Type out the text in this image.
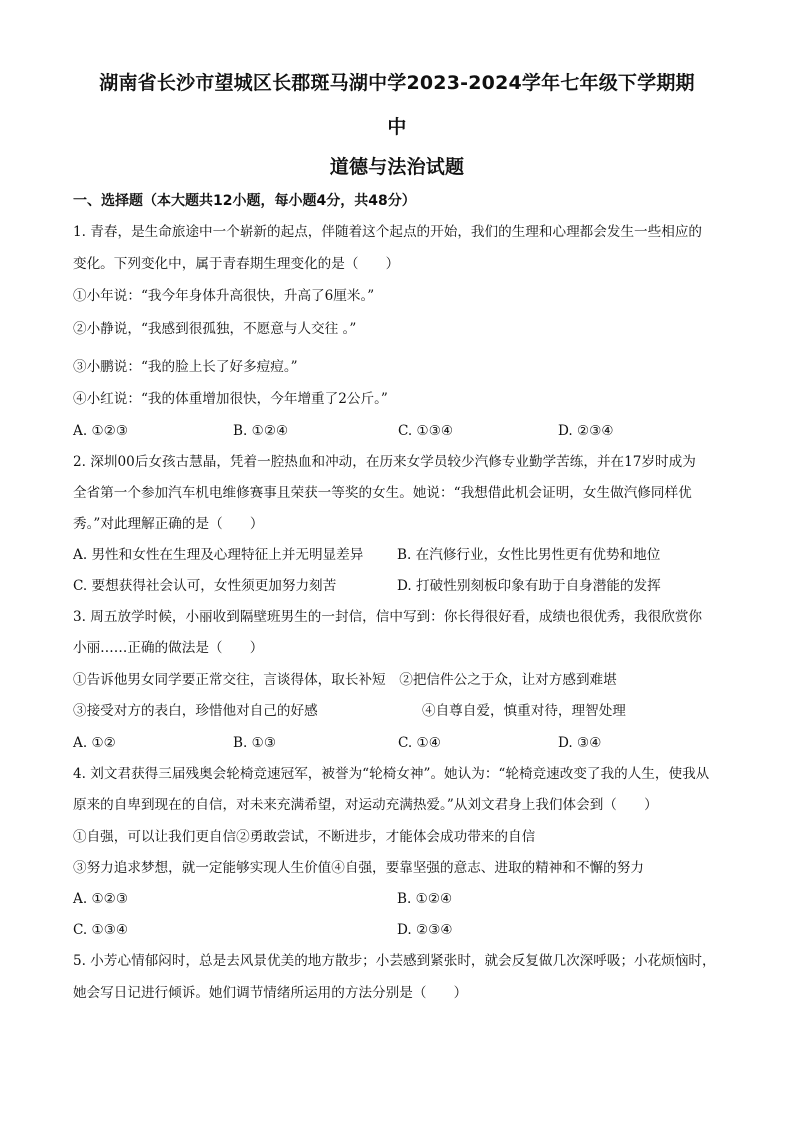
湖南省长沙市望城区长郡斑马湖中学2023-2024学年七年级下学期期
中
道德与法治试题
一、选择题（本大题共12小题，每小题4分，共48分）
1. 青春，是生命旅途中一个崭新的起点，伴随着这个起点的开始，我们的生理和心理都会发生一些相应的
变化。下列变化中，属于青春期生理变化的是（　　）
①小年说：“我今年身体升高很快，升高了6厘米。”
②小静说，“我感到很孤独，不愿意与人交往 。”
③小鹏说：“我的脸上长了好多痘痘。”
④小红说：“我的体重增加很快，今年增重了2公斤。”
A. ①②③	B. ①②④	C. ①③④	D. ②③④
2. 深圳00后女孩古慧晶，凭着一腔热血和冲动，在历来女学员较少汽修专业勤学苦练，并在17岁时成为
全省第一个参加汽车机电维修赛事且荣获一等奖的女生。她说：“我想借此机会证明，女生做汽修同样优
秀。”对此理解正确的是（　　）
A. 男性和女性在生理及心理特征上并无明显差异 B. 在汽修行业，女性比男性更有优势和地位
C. 要想获得社会认可，女性须更加努力刻苦	D. 打破性别刻板印象有助于自身潜能的发挥
3. 周五放学时候，小丽收到隔壁班男生的一封信，信中写到：你长得很好看，成绩也很优秀，我很欣赏你
小丽……正确的做法是（　　）
①告诉他男女同学要正常交往，言谈得体，取长补短　②把信件公之于众，让对方感到难堪
③接受对方的表白，珍惜他对自己的好感	④自尊自爱，慎重对待，理智处理
A. ①②	B. ①③	C. ①④	D. ③④
4. 刘文君获得三届残奥会轮椅竞速冠军，被誉为“轮椅女神”。她认为：“轮椅竞速改变了我的人生，使我从
原来的自卑到现在的自信，对未来充满希望，对运动充满热爱。”从刘文君身上我们体会到（　　）
①自强，可以让我们更自信②勇敢尝试，不断进步，才能体会成功带来的自信
③努力追求梦想，就一定能够实现人生价值④自强，要靠坚强的意志、进取的精神和不懈的努力
A. ①②③	B. ①②④
C. ①③④	D. ②③④
5. 小芳心情郁闷时，总是去风景优美的地方散步；小芸感到紧张时，就会反复做几次深呼吸；小花烦恼时，
她会写日记进行倾诉。她们调节情绪所运用的方法分别是（　　）
